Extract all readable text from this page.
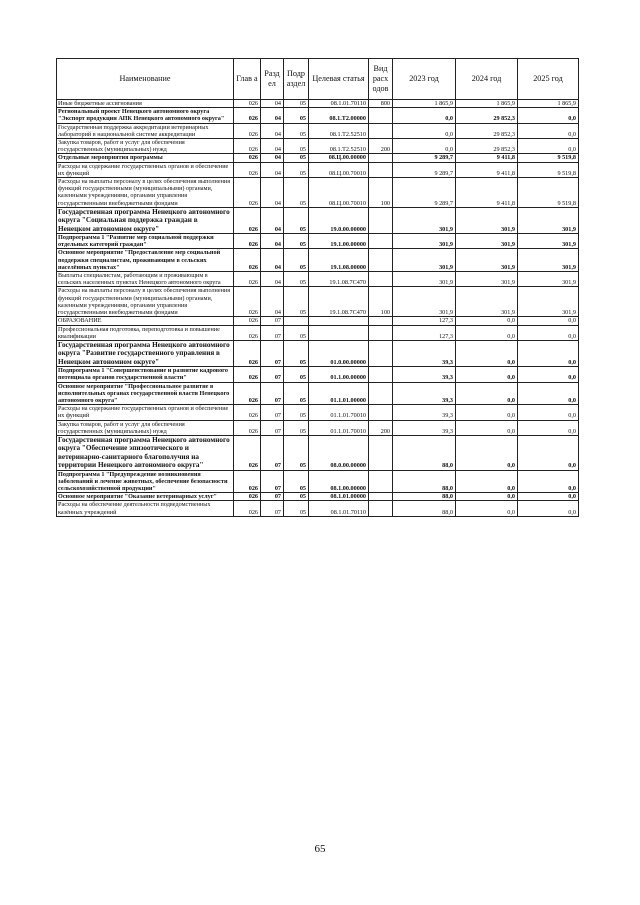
Наименование	Глав а	Разд ел	Подр аздел	Целевая статья	Вид расх одов	2023 год	2024 год	2025 год
Иные бюджетные ассигнования	026	04	05	08.1.01.70110	800	1 865,9	1 865,9	1 865,9
Региональный проект Ненецкого автономного округа "Экспорт продукции АПК Ненецкого автономного округа"	026	04	05	08.1.Т2.00000		0,0	29 852,3	0,0
Государственная поддержка аккредитации ветеринарных лабораторий в национальной системе аккредитации	026	04	05	08.1.Т2.52510		0,0	29 852,3	0,0
Закупка товаров, работ и услуг для обеспечения государственных (муниципальных) нужд	026	04	05	08.1.Т2.52510	200	0,0	29 852,3	0,0
Отдельные мероприятия программы	026	04	05	08.Ц.00.00000		9 289,7	9 411,8	9 519,8
Расходы на содержание государственных органов и обеспечение их функций	026	04	05	08.Ц.00.70010		9 289,7	9 411,8	9 519,8
Расходы на выплаты персоналу в целях обеспечения выполнения функций государственными (муниципальными) органами, казенными учреждениями, органами управления государственными внебюджетными фондами	026	04	05	08.Ц.00.70010	100	9 289,7	9 411,8	9 519,8
Государственная программа Ненецкого автономного округа "Социальная поддержка граждан в Ненецком автономном округе"	026	04	05	19.0.00.00000		301,9	301,9	301,9
Подпрограмма 1 "Развитие мер социальной поддержки отдельных категорий граждан"	026	04	05	19.1.00.00000		301,9	301,9	301,9
Основное мероприятие "Предоставление мер социальной поддержки специалистам, проживающим в сельских населённых пунктах"	026	04	05	19.1.08.00000		301,9	301,9	301,9
Выплаты специалистам, работающим и проживающим в сельских населенных пунктах Ненецкого автономного округа	026	04	05	19.1.08.7С470		301,9	301,9	301,9
Расходы на выплаты персоналу в целях обеспечения выполнения функций государственными (муниципальными) органами, казенными учреждениями, органами управления государственными внебюджетными фондами	026	04	05	19.1.08.7С470	100	301,9	301,9	301,9
ОБРАЗОВАНИЕ	026	07				127,3	0,0	0,0
Профессиональная подготовка, переподготовка и повышение квалификации	026	07	05			127,3	0,0	0,0
Государственная программа Ненецкого автономного округа "Развитие государственного управления в Ненецком автономном округе"	026	07	05	01.0.00.00000		39,3	0,0	0,0
Подпрограмма 1 "Совершенствование и развитие кадрового потенциала органов государственной власти"	026	07	05	01.1.00.00000		39,3	0,0	0,0
Основное мероприятие "Профессиональное развитие в исполнительных органах государственной власти Ненецкого автономного округа"	026	07	05	01.1.01.00000		39,3	0,0	0,0
Расходы на содержание государственных органов и обеспечение их функций	026	07	05	01.1.01.70010		39,3	0,0	0,0
Закупка товаров, работ и услуг для обеспечения государственных (муниципальных) нужд	026	07	05	01.1.01.70010	200	39,3	0,0	0,0
Государственная программа Ненецкого автономного округа "Обеспечение эпизоотического и ветеринарно-санитарного благополучия на территории Ненецкого автономного округа"	026	07	05	08.0.00.00000		88,0	0,0	0,0
Подпрограмма 1 "Предупреждение возникновения заболеваний и лечение животных, обеспечение безопасности сельскохозяйственной продукции"	026	07	05	08.1.00.00000		88,0	0,0	0,0
Основное мероприятие "Оказание ветеринарных услуг"	026	07	05	08.1.01.00000		88,0	0,0	0,0
Расходы на обеспечение деятельности подведомственных казённых учреждений	026	07	05	08.1.01.70110		88,0	0,0	0,0
65
